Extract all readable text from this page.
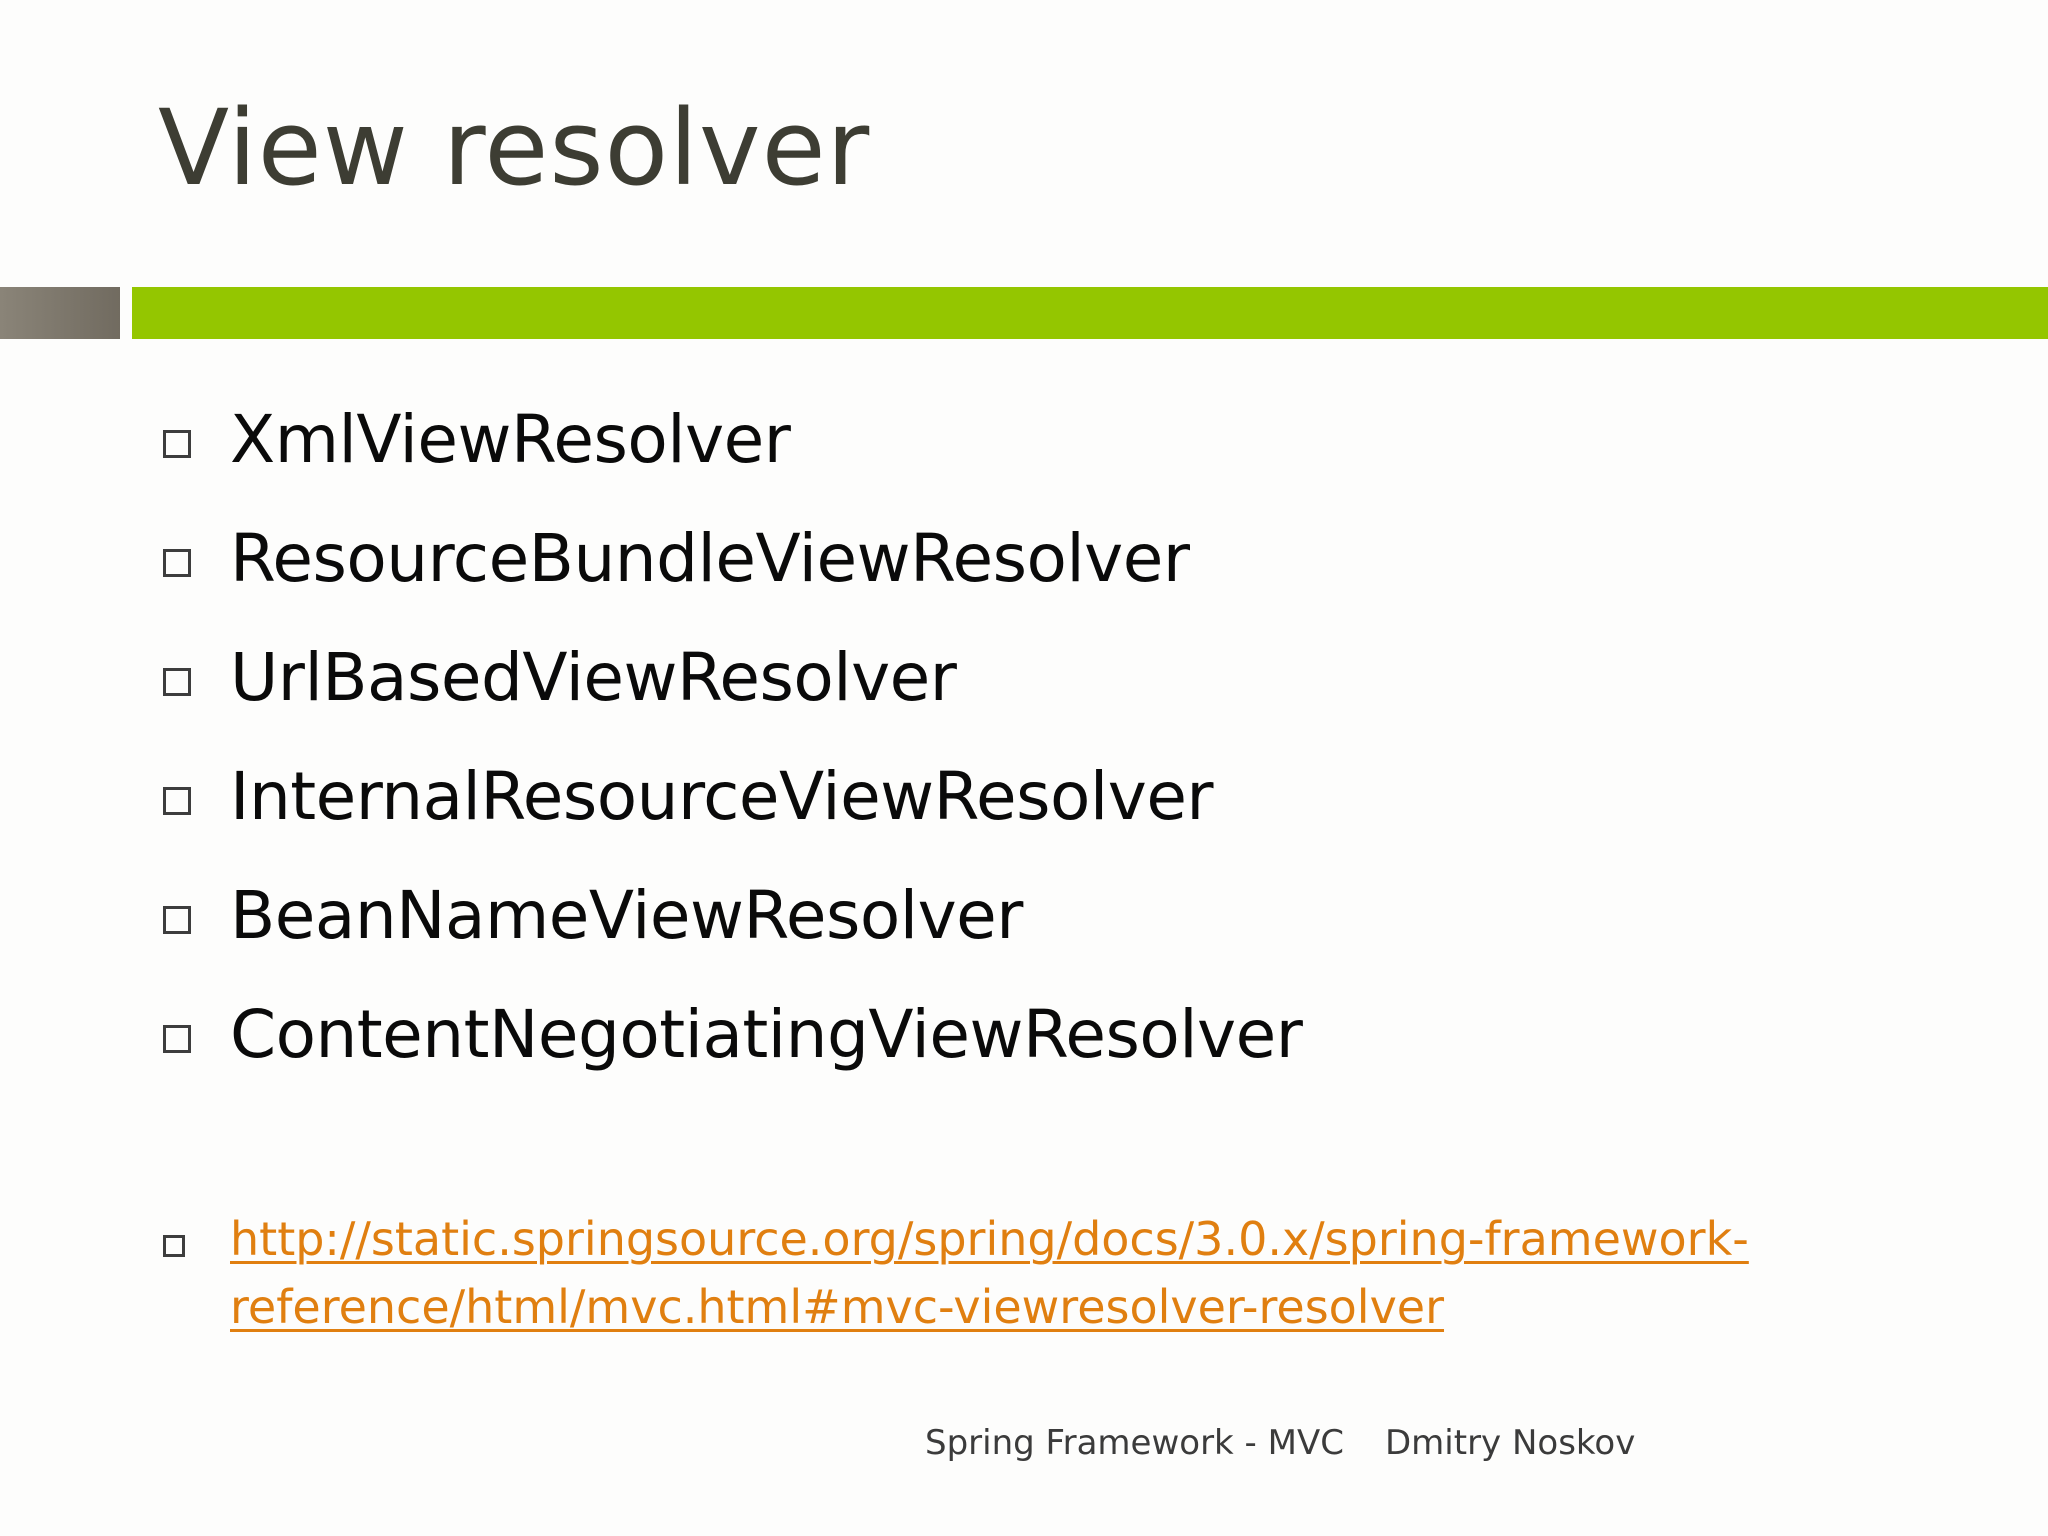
View resolver
XmlViewResolver
ResourceBundleViewResolver
UrlBasedViewResolver
InternalResourceViewResolver
BeanNameViewResolver
ContentNegotiatingViewResolver
http://static.springsource.org/spring/docs/3.0.x/spring-framework-
reference/html/mvc.html#mvc-viewresolver-resolver
Spring Framework - MVC Dmitry Noskov
